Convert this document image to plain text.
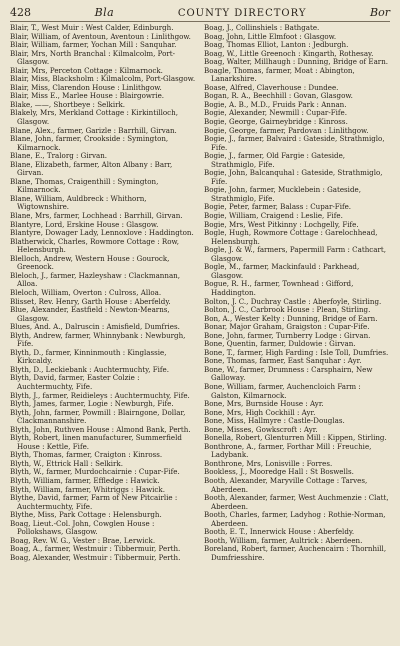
428	Bla	COUNTY DIRECTORY	Bor
Blair, T., West Muir : West Calder, Edinburgh.
Blair, William, of Aventoun, Aventoun : Linlithgow.
Blair, William, farmer, Yochan Mill : Sanquhar.
Blair, Mrs, North Branchal : Kilmalcolm, Port-Glasgow.
Blair, Mrs, Perceton Cottage : Kilmarnock.
Blair, Miss, Blacksholm : Kilmalcolm, Port-Glasgow.
Blair, Miss, Clarendon House : Linlithgow.
Blair, Miss E., Marlee House : Blairgowrie.
Blake, ——, Shortbeye : Selkirk.
Blakely, Mrs, Merkland Cottage : Kirkintilloch, Glasgow.
Blane, Alex., farmer, Garizle : Barrhill, Girvan.
Blane, John, farmer, Crookside : Symington, Kilmarnock.
Blane, E., Tralorg : Girvan.
Blane, Elizabeth, farmer, Alton Albany : Barr, Girvan.
Blane, Thomas, Craigenthill : Symington, Kilmarnock.
Blane, William, Auldbreck : Whithorn, Wigtownshire.
Blane, Mrs, farmer, Lochhead : Barrhill, Girvan.
Blantyre, Lord, Erskine House : Glasgow.
Blantyre, Dowager Lady, Lennoxlove : Haddington.
Blatherwick, Charles, Rowmore Cottage : Row, Helensburgh.
Blelloch, Andrew, Western House : Gourock, Greenock.
Bleloch, J., farmer, Hazleyshaw : Clackmannan, Alloa.
Bleloch, William, Overton : Culross, Alloa.
Blisset, Rev. Henry, Garth House : Aberfeldy.
Blue, Alexander, Eastfield : Newton-Mearns, Glasgow.
Blues, And. A., Dalruscin : Amisfield, Dumfries.
Blyth, Andrew, farmer, Whinnybank : Newburgh, Fife.
Blyth, D., farmer, Kinninmouth : Kinglassie, Kirkcaldy.
Blyth, D., Leckiebank : Auchtermuchty, Fife.
Blyth, David, farmer, Easter Colzie : Auchtermuchty, Fife.
Blyth, J., farmer, Reidieleys : Auchtermuchty, Fife.
Blyth, James, farmer, Logie : Newburgh, Fife.
Blyth, John, farmer, Powmill : Blairngone, Dollar, Clackmannanshire.
Blyth, John, Ruthven House : Almond Bank, Perth.
Blyth, Robert, linen manufacturer, Summerfield House : Kettle, Fife.
Blyth, Thomas, farmer, Craigton : Kinross.
Blyth, W., Ettrick Hall : Selkirk.
Blyth, W., farmer, Murdochcairnie : Cupar-Fife.
Blyth, William, farmer, Effledge : Hawick.
Blyth, William, farmer, Whitriggs : Hawick.
Blythe, David, farmer, Farm of New Pitcairlie : Auchtermuchty, Fife.
Blythe, Miss, Park Cottage : Helensburgh.
Boag, Lieut.-Col. John, Cowglen House : Pollokshaws, Glasgow.
Boag, Rev. W. G., Vester : Brae, Lerwick.
Boag, A., farmer, Westmuir : Tibbermuir, Perth.
Boag, Alexander, Westmuir : Tibbermuir, Perth.
Boag, J., Collinshiels : Bathgate.
Boag, John, Little Elmfoot : Glasgow.
Boag, Thomas Elliot, Lanton : Jedburgh.
Boag, W., Little Greenoch : Kingarth, Rothesay.
Boag, Walter, Millhaugh : Dunning, Bridge of Earn.
Boagle, Thomas, farmer, Moat : Abington, Lanarkshire.
Boase, Alfred, Claverhouse : Dundee.
Bogan, R. A., Beechhill : Govan, Glasgow.
Bogie, A. B., M.D., Fruids Park : Annan.
Bogie, Alexander, Newmill : Cupar-Fife.
Bogie, George, Gairneybridge : Kinross.
Bogie, George, farmer, Pardovan : Linlithgow.
Bogie, J., farmer, Balvaird : Gateside, Strathmiglo, Fife.
Bogie, J., farmer, Old Fargie : Gateside, Strathmiglo, Fife.
Bogie, John, Balcanquhal : Gateside, Strathmiglo, Fife.
Bogie, John, farmer, Mucklebein : Gateside, Strathmiglo, Fife.
Bogie, Peter, farmer, Balass : Cupar-Fife.
Bogie, William, Craigend : Leslie, Fife.
Bogie, Mrs, West Pitkinny : Lochgelly, Fife.
Bogle, Hugh, Rowmore Cottage : Garelochhead, Helensburgh.
Bogle, J. & W., farmers, Papermill Farm : Cathcart, Glasgow.
Bogle, M., farmer, Mackinfauld : Parkhead, Glasgow.
Bogue, R. H., farmer, Townhead : Gifford, Haddington.
Bolton, J. C., Duchray Castle : Aberfoyle, Stirling.
Bolton, J. C., Carbrook House : Plean, Stirling.
Bon, A., Wester Kelty : Dunning, Bridge of Earn.
Bonar, Major Graham, Graigston : Cupar-Fife.
Bone, John, farmer, Turnberry Lodge : Girvan.
Bone, Quentin, farmer, Duldowie : Girvan.
Bone, T., farmer, High Farding : Isle Toll, Dumfries.
Bone, Thomas, farmer, East Sanquhar : Ayr.
Bone, W., farmer, Drumness : Carsphairn, New Galloway.
Bone, William, farmer, Auchencloich Farm : Galston, Kilmarnock.
Bone, Mrs, Burnside House : Ayr.
Bone, Mrs, High Cockhill : Ayr.
Bone, Miss, Hallmyre : Castle-Douglas.
Bone, Misses, Gowkscroft : Ayr.
Bonella, Robert, Glenturren Mill : Kippen, Stirling.
Bonthrone, A., farmer, Forthar Mill : Freuchie, Ladybank.
Bonthrone, Mrs, Lonisville : Forres.
Bookless, J., Mooredge Hall : St Boswells.
Booth, Alexander, Maryville Cottage : Tarves, Aberdeen.
Booth, Alexander, farmer, West Auchmenzie : Clatt, Aberdeen.
Booth, Charles, farmer, Ladyhog : Rothie-Norman, Aberdeen.
Booth, E. T., Innerwick House : Aberfeldy.
Booth, William, farmer, Aultrick : Aberdeen.
Boreland, Robert, farmer, Auchencairn : Thornhill, Dumfriesshire.
